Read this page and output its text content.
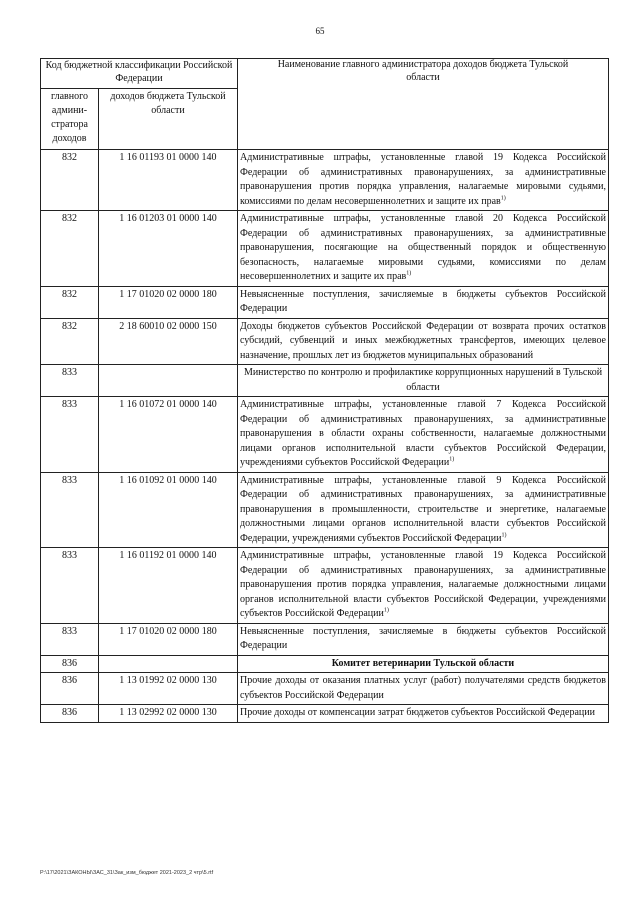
65
Код бюджетной классификации Российской Федерации		Наименование главного администратора доходов бюджета Тульской области
главного админи-стратора доходов	доходов бюджета Тульской области	
832	1 16 01193 01 0000 140	Административные штрафы, установленные главой 19 Кодекса Российской Федерации об административных правонарушениях, за административные правонарушения против порядка управления, налагаемые мировыми судьями, комиссиями по делам несовершеннолетних и защите их прав$^{1)}$
832	1 16 01203 01 0000 140	Административные штрафы, установленные главой 20 Кодекса Российской Федерации об административных правонарушениях, за административные правонарушения, посягающие на общественный порядок и общественную безопасность, налагаемые мировыми судьями, комиссиями по делам несовершеннолетних и защите их прав$^{1)}$
832	1 17 01020 02 0000 180	Невыясненные поступления, зачисляемые в бюджеты субъектов Российской Федерации
832	2 18 60010 02 0000 150	Доходы бюджетов субъектов Российской Федерации от возврата прочих остатков субсидий, субвенций и иных межбюджетных трансфертов, имеющих целевое назначение, прошлых лет из бюджетов муниципальных образований
833		Министерство по контролю и профилактике коррупционных нарушений в Тульской области
833	1 16 01072 01 0000 140	Административные штрафы, установленные главой 7 Кодекса Российской Федерации об административных правонарушениях, за административные правонарушения в области охраны собственности, налагаемые должностными лицами органов исполнительной власти субъектов Российской Федерации, учреждениями субъектов Российской Федерации$^{1)}$
833	1 16 01092 01 0000 140	Административные штрафы, установленные главой 9 Кодекса Российской Федерации об административных правонарушениях, за административные правонарушения в промышленности, строительстве и энергетике, налагаемые должностными лицами органов исполнительной власти субъектов Российской Федерации, учреждениями субъектов Российской Федерации$^{1)}$
833	1 16 01192 01 0000 140	Административные штрафы, установленные главой 19 Кодекса Российской Федерации об административных правонарушениях, за административные правонарушения против порядка управления, налагаемые должностными лицами органов исполнительной власти субъектов Российской Федерации, учреждениями субъектов Российской Федерации$^{1)}$
833	1 17 01020 02 0000 180	Невыясненные поступления, зачисляемые в бюджеты субъектов Российской Федерации
836		Комитет ветеринарии Тульской области
836	1 13 01992 02 0000 130	Прочие доходы от оказания платных услуг (работ) получателями средств бюджетов субъектов Российской Федерации
836	1 13 02992 02 0000 130	Прочие доходы от компенсации затрат бюджетов субъектов Российской Федерации
P:\17\2021\ЗАКОНЫ\ЗАС_31\Зак_изм_бюджет 2021-2023_2 чтр\5.rtf
